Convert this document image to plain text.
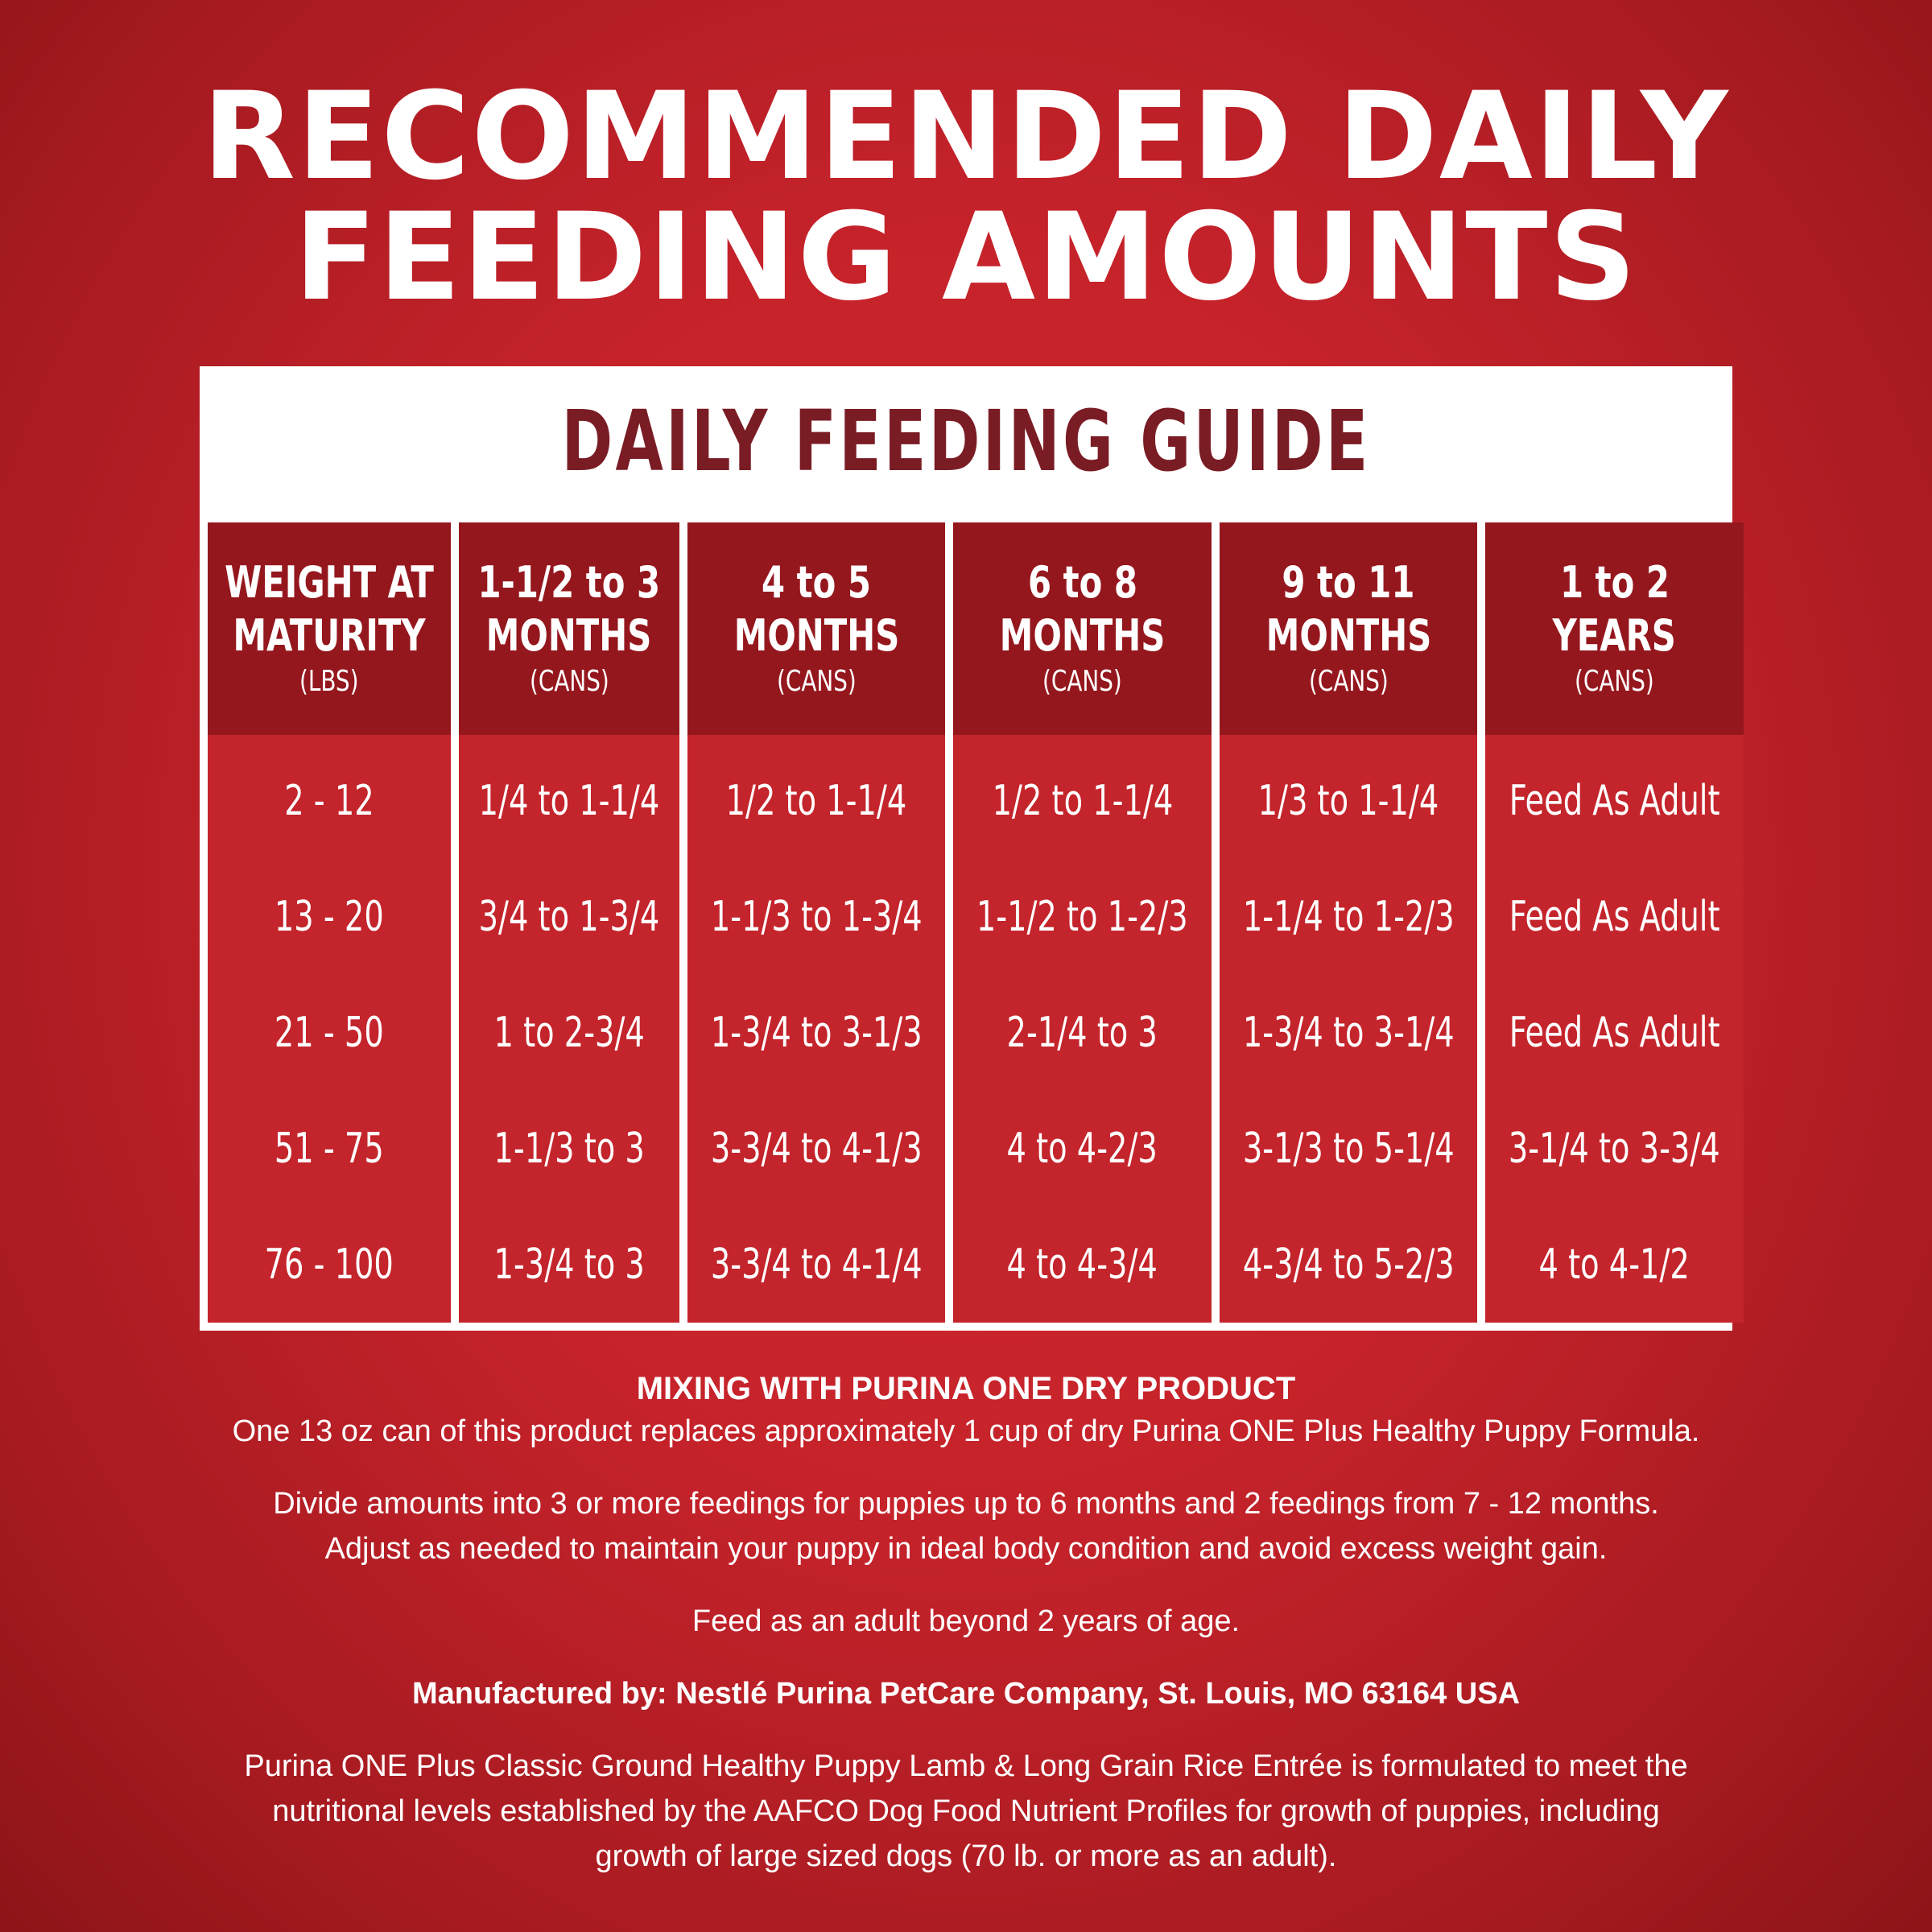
RECOMMENDED DAILY
FEEDING AMOUNTS
DAILY FEEDING GUIDE
WEIGHT AT
MATURITY
(LBS)
2 - 12
13 - 20
21 - 50
51 - 75
76 - 100
1-1/2 to 3
MONTHS
(CANS)
1/4 to 1-1/4
3/4 to 1-3/4
1 to 2-3/4
1-1/3 to 3
1-3/4 to 3
4 to 5
MONTHS
(CANS)
1/2 to 1-1/4
1-1/3 to 1-3/4
1-3/4 to 3-1/3
3-3/4 to 4-1/3
3-3/4 to 4-1/4
6 to 8
MONTHS
(CANS)
1/2 to 1-1/4
1-1/2 to 1-2/3
2-1/4 to 3
4 to 4-2/3
4 to 4-3/4
9 to 11
MONTHS
(CANS)
1/3 to 1-1/4
1-1/4 to 1-2/3
1-3/4 to 3-1/4
3-1/3 to 5-1/4
4-3/4 to 5-2/3
1 to 2
YEARS
(CANS)
Feed As Adult
Feed As Adult
Feed As Adult
3-1/4 to 3-3/4
4 to 4-1/2
MIXING WITH PURINA ONE DRY PRODUCT
One 13 oz can of this product replaces approximately 1 cup of dry Purina ONE Plus Healthy Puppy Formula.
Divide amounts into 3 or more feedings for puppies up to 6 months and 2 feedings from 7 - 12 months.
Adjust as needed to maintain your puppy in ideal body condition and avoid excess weight gain.
Feed as an adult beyond 2 years of age.
Manufactured by: Nestlé Purina PetCare Company, St. Louis, MO 63164 USA
Purina ONE Plus Classic Ground Healthy Puppy Lamb & Long Grain Rice Entrée is formulated to meet the
nutritional levels established by the AAFCO Dog Food Nutrient Profiles for growth of puppies, including
growth of large sized dogs (70 lb. or more as an adult).
